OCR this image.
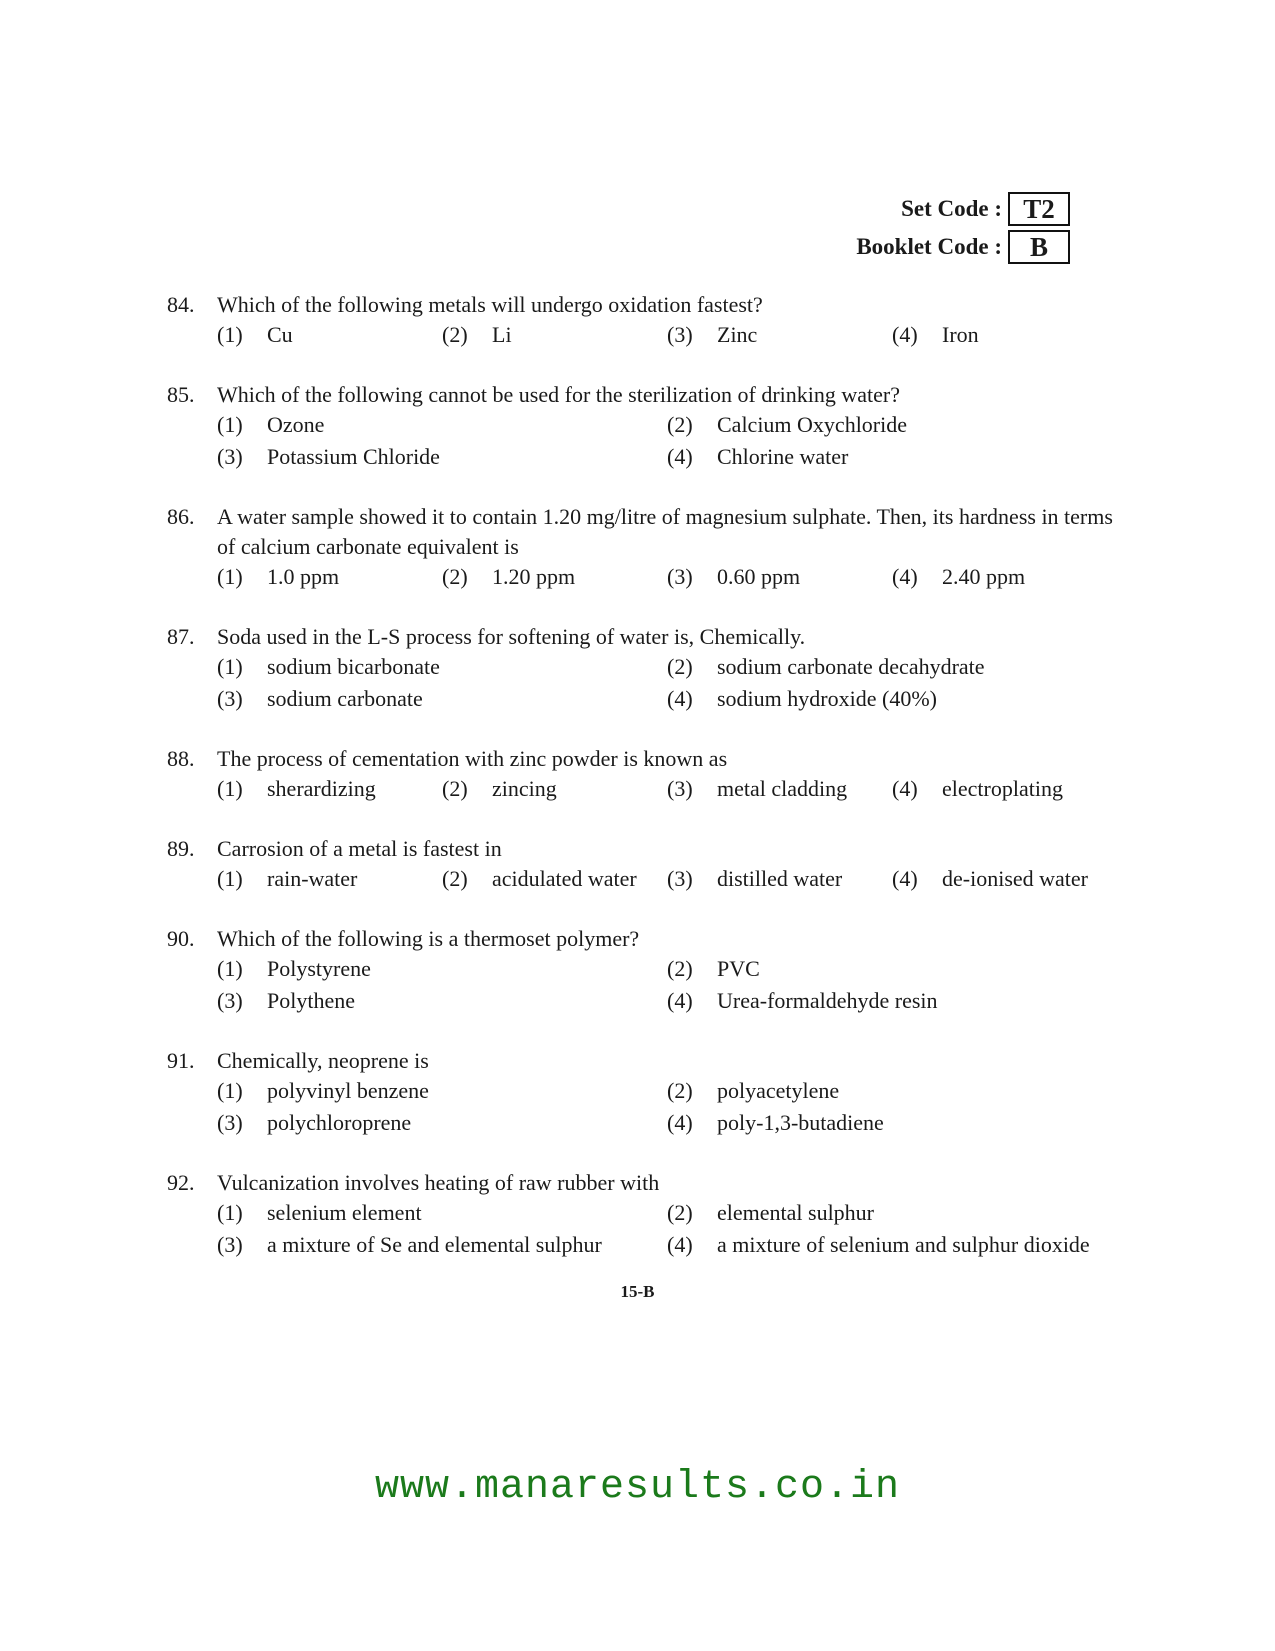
Set Code : T2
Booklet Code :	B
84.	Which of the following metals will undergo oxidation fastest?
(1)	Cu	(2)	Li	(3)	Zinc	(4)	Iron
85.	Which of the following cannot be used for the sterilization of drinking water?
(1)	Ozone	(2)	Calcium Oxychloride
(3)	Potassium Chloride	(4)	Chlorine water
86.	A water sample showed it to contain 1.20 mg/litre of magnesium sulphate. Then, its hardness in terms of calcium carbonate equivalent is
(1)	1.0 ppm	(2)	1.20 ppm	(3)	0.60 ppm	(4)	2.40 ppm
87.	Soda used in the L-S process for softening of water is, Chemically.
(1)	sodium bicarbonate	(2)	sodium carbonate decahydrate
(3)	sodium carbonate	(4)	sodium hydroxide (40%)
88.	The process of cementation with zinc powder is known as
(1)	sherardizing	(2)	zincing	(3)	metal cladding (4)	electroplating
89.	Carrosion of a metal is fastest in
(1)	rain-water	(2)	acidulated water (3)	distilled water (4)	de-ionised water
90.	Which of the following is a thermoset polymer?
(1)	Polystyrene	(2)	PVC
(3)	Polythene	(4)	Urea-formaldehyde resin
91.	Chemically, neoprene is
(1)	polyvinyl benzene	(2)	polyacetylene
(3)	polychloroprene	(4)	poly-1,3-butadiene
92.	Vulcanization involves heating of raw rubber with
(1)	selenium element	(2)	elemental sulphur
(3)	a mixture of Se and elemental sulphur	(4)	a mixture of selenium and sulphur dioxide
15-B
www.manaresults.co.in
